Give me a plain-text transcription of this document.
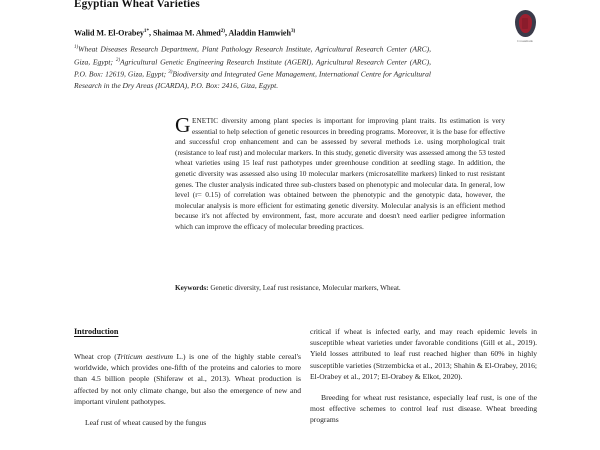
Egyptian Wheat Varieties
Walid M. El-Orabey$^{1*}$, Shaimaa M. Ahmed$^{2)}$, Aladdin Hamwieh$^{3)}$
$^{1)}$Wheat Diseases Research Department, Plant Pathology Research Institute, Agricultural Research Center (ARC), Giza, Egypt; $^{2)}$Agricultural Genetic Engineering Research Institute (AGERI), Agricultural Research Center (ARC), P.O. Box: 12619, Giza, Egypt; $^{3)}$Biodiversity and Integrated Gene Management, International Centre for Agricultural Research in the Dry Areas (ICARDA), P.O. Box: 2416, Giza, Egypt.
Crossmark
GENETIC diversity among plant species is important for improving plant traits. Its estimation is very essential to help selection of genetic resources in breeding programs. Moreover, it is the base for effective and successful crop enhancement and can be assessed by several methods i.e. using morphological trait (resistance to leaf rust) and molecular markers. In this study, genetic diversity was assessed among the 53 tested wheat varieties using 15 leaf rust pathotypes under greenhouse condition at seedling stage. In addition, the genetic diversity was assessed also using 10 molecular markers (microsatellite markers) linked to rust resistant genes. The cluster analysis indicated three sub-clusters based on phenotypic and molecular data. In general, low level (r= 0.15) of correlation was obtained between the phenotypic and the genotypic data, however, the molecular analysis is more efficient for estimating genetic diversity. Molecular analysis is an efficient method because it's not affected by environment, fast, more accurate and doesn't need earlier pedigree information which can improve the efficacy of molecular breeding practices.
Keywords: Genetic diversity, Leaf rust resistance, Molecular markers, Wheat.
Introduction

Wheat crop (Triticum aestivum L.) is one of the highly stable cereal's worldwide, which provides one-fifth of the proteins and calories to more than 4.5 billion people (Shiferaw et al., 2013). Wheat production is affected by not only climate change, but also the emergence of new and important virulent pathotypes.

Leaf rust of wheat caused by the fungus

critical if wheat is infected early, and may reach epidemic levels in susceptible wheat varieties under favorable conditions (Gill et al., 2019). Yield losses attributed to leaf rust reached higher than 60% in highly susceptible varieties (Strzembicka et al., 2013; Shahin & El-Orabey, 2016; El-Orabey et al., 2017; El-Orabey & Elkot, 2020).

Breeding for wheat rust resistance, especially leaf rust, is one of the most effective schemes to control leaf rust disease. Wheat breeding programs
